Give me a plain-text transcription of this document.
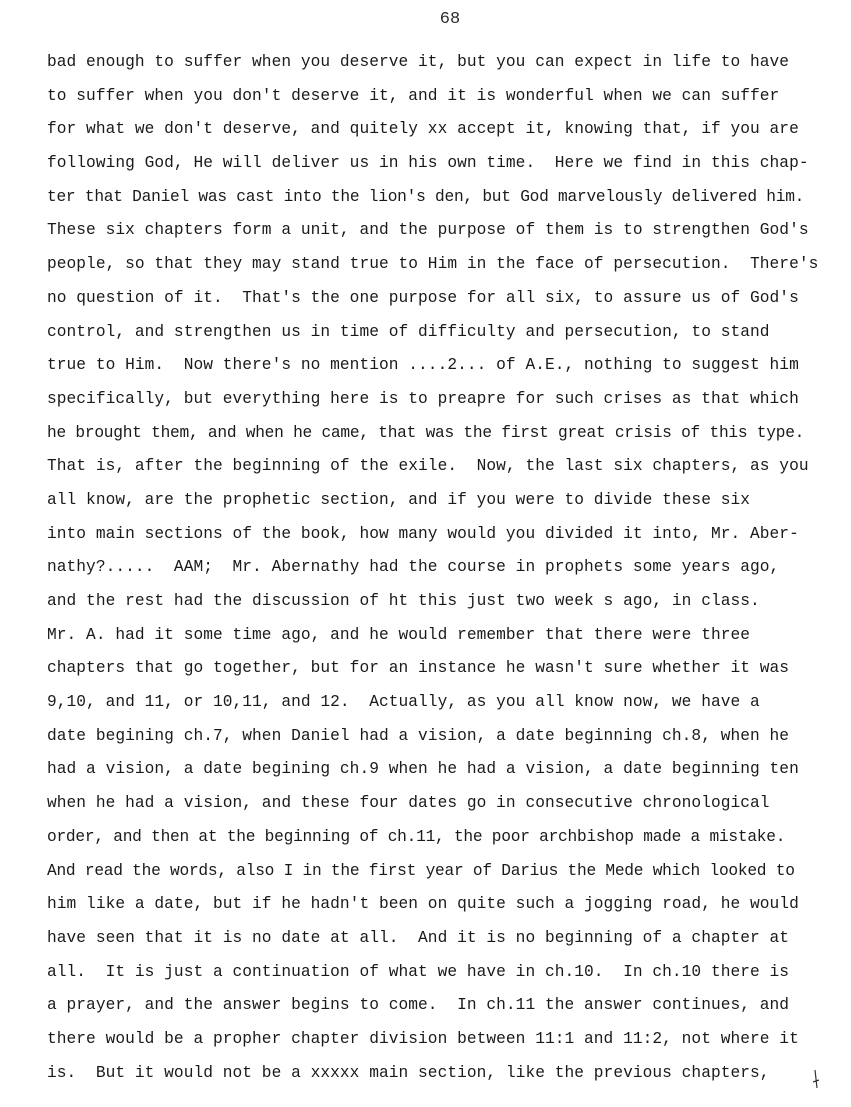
68
bad enough to suffer when you deserve it, but you can expect in life to have
to suffer when you don't deserve it, and it is wonderful when we can suffer
for what we don't deserve, and quitely xx accept it, knowing that, if you are
following God, He will deliver us in his own time.  Here we find in this chap-
ter that Daniel was cast into the lion's den, but God marvelously delivered him.
These six chapters form a unit, and the purpose of them is to strengthen God's
people, so that they may stand true to Him in the face of persecution.  There's
no question of it.  That's the one purpose for all six, to assure us of God's
control, and strengthen us in time of difficulty and persecution, to stand
true to Him.  Now there's no mention ....2... of A.E., nothing to suggest him
specifically, but everything here is to preapre for such crises as that which
he brought them, and when he came, that was the first great crisis of this type.
That is, after the beginning of the exile.  Now, the last six chapters, as you
all know, are the prophetic section, and if you were to divide these six
into main sections of the book, how many would you divided it into, Mr. Aber-
nathy?.....  AAM;  Mr. Abernathy had the course in prophets some years ago,
and the rest had the discussion of ht this just two week s ago, in class.
Mr. A. had it some time ago, and he would remember that there were three
chapters that go together, but for an instance he wasn't sure whether it was
9,10, and 11, or 10,11, and 12.  Actually, as you all know now, we have a
date begining ch.7, when Daniel had a vision, a date beginning ch.8, when he
had a vision, a date begining ch.9 when he had a vision, a date beginning ten
when he had a vision, and these four dates go in consecutive chronological
order, and then at the beginning of ch.11, the poor archbishop made a mistake.
And read the words, also I in the first year of Darius the Mede which looked to
him like a date, but if he hadn't been on quite such a jogging road, he would
have seen that it is no date at all.  And it is no beginning of a chapter at
all.  It is just a continuation of what we have in ch.10.  In ch.10 there is
a prayer, and the answer begins to come.  In ch.11 the answer continues, and
there would be a propher chapter division between 11:1 and 11:2, not where it
is.  But it would not be a xxxxx main section, like the previous chapters,
